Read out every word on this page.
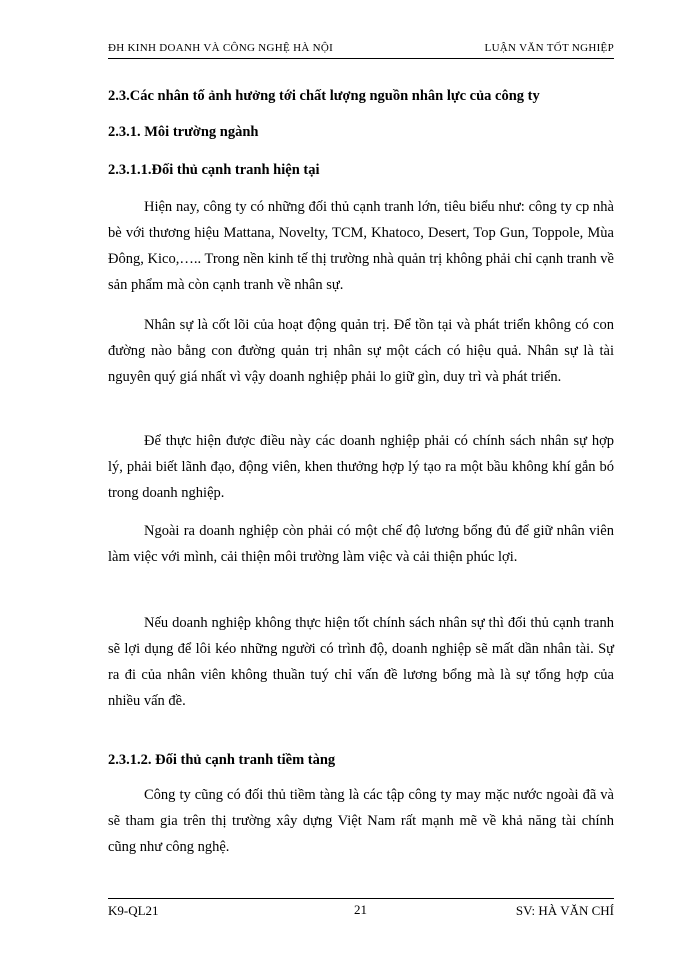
ĐH KINH DOANH VÀ CÔNG NGHỆ HÀ NỘI	LUẬN VĂN TỐT NGHIỆP

2.3.Các nhân tố ảnh hưởng tới chất lượng nguồn nhân lực của công ty

2.3.1. Môi trường ngành

2.3.1.1.Đối thủ cạnh tranh hiện tại

Hiện nay, công ty có những đối thủ cạnh tranh lớn, tiêu biểu như: công ty cp nhà bè với thương hiệu Mattana, Novelty, TCM, Khatoco, Desert, Top Gun, Toppole, Mùa Đông, Kico,….. Trong nền kinh tế thị trường nhà quản trị không phải chỉ cạnh tranh về sản phẩm mà còn cạnh tranh về nhân sự.

Nhân sự là cốt lõi của hoạt động quản trị. Để tồn tại và phát triển không có con đường nào bằng con đường quản trị nhân sự một cách có hiệu quả. Nhân sự là tài nguyên quý giá nhất vì vậy doanh nghiệp phải lo giữ gìn, duy trì và phát triển.

Để thực hiện được điều này các doanh nghiệp phải có chính sách nhân sự hợp lý, phải biết lãnh đạo, động viên, khen thưởng hợp lý tạo ra một bầu không khí gắn bó trong doanh nghiệp.

Ngoài ra doanh nghiệp còn phải có một chế độ lương bổng đủ để giữ nhân viên làm việc với mình, cải thiện môi trường làm việc và cải thiện phúc lợi.

Nếu doanh nghiệp không thực hiện tốt chính sách nhân sự thì đối thủ cạnh tranh sẽ lợi dụng để lôi kéo những người có trình độ, doanh nghiệp sẽ mất dần nhân tài. Sự ra đi của nhân viên không thuần tuý chỉ vấn đề lương bổng mà là sự tổng hợp của nhiều vấn đề.

2.3.1.2. Đối thủ cạnh tranh tiềm tàng

Công ty cũng có đối thủ tiềm tàng là các tập công ty may mặc nước ngoài đã và sẽ tham gia trên thị trường xây dựng Việt Nam rất mạnh mẽ về khả năng tài chính cũng như công nghệ.

K9-QL21	21	SV: HÀ VĂN CHÍ
